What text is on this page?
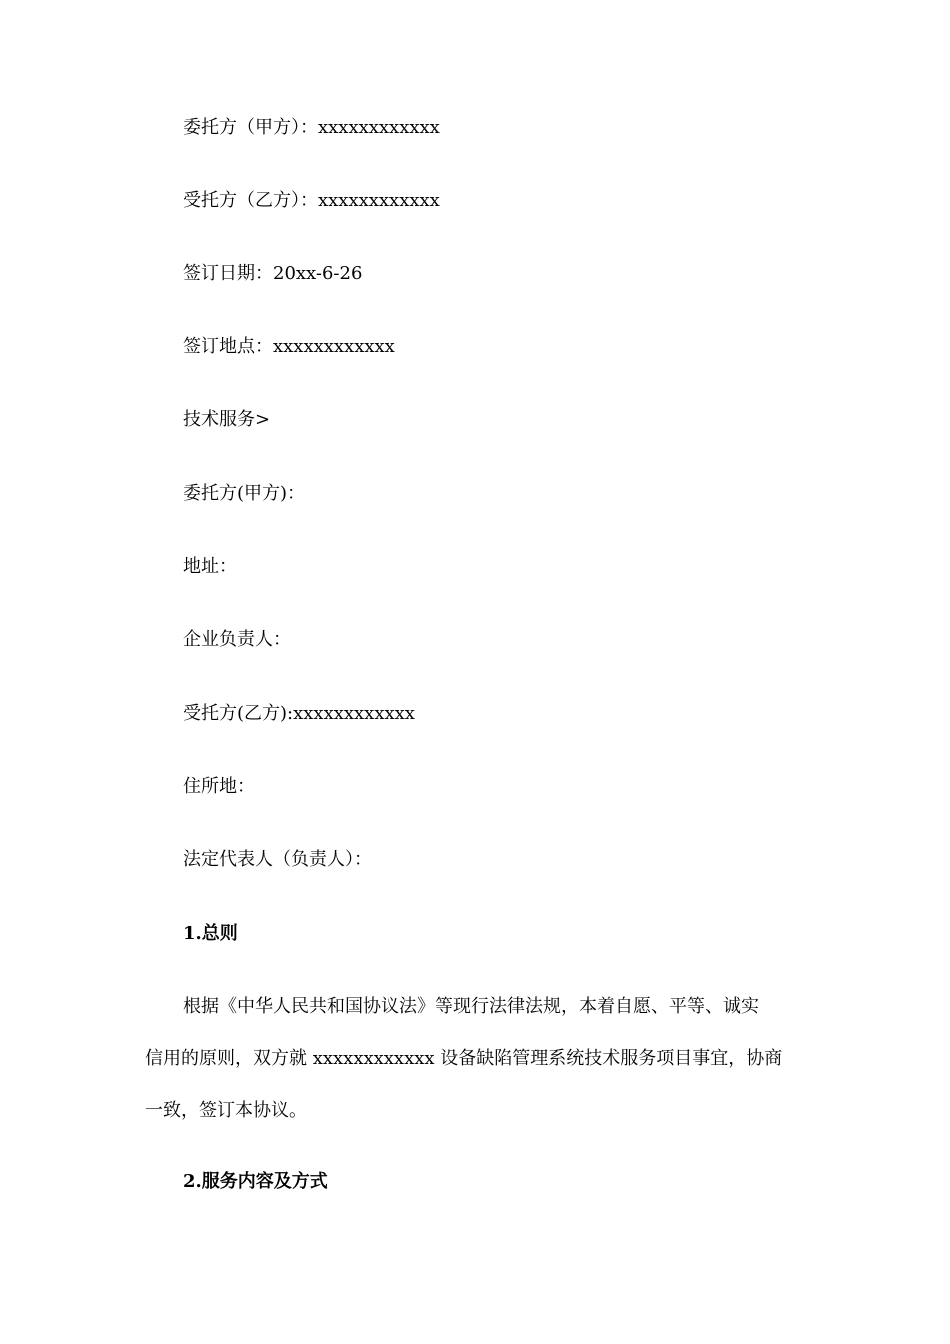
委托方（甲方）：xxxxxxxxxxxx
受托方（乙方）：xxxxxxxxxxxx
签订日期：20xx-6-26
签订地点：xxxxxxxxxxxx
技术服务>
委托方(甲方)：
地址：
企业负责人：
受托方(乙方):xxxxxxxxxxxx
住所地：
法定代表人（负责人）：
1.总则
根据《中华人民共和国协议法》等现行法律法规，本着自愿、平等、诚实
信用的原则，双方就 xxxxxxxxxxxx 设备缺陷管理系统技术服务项目事宜，协商
一致，签订本协议。
2.服务内容及方式
